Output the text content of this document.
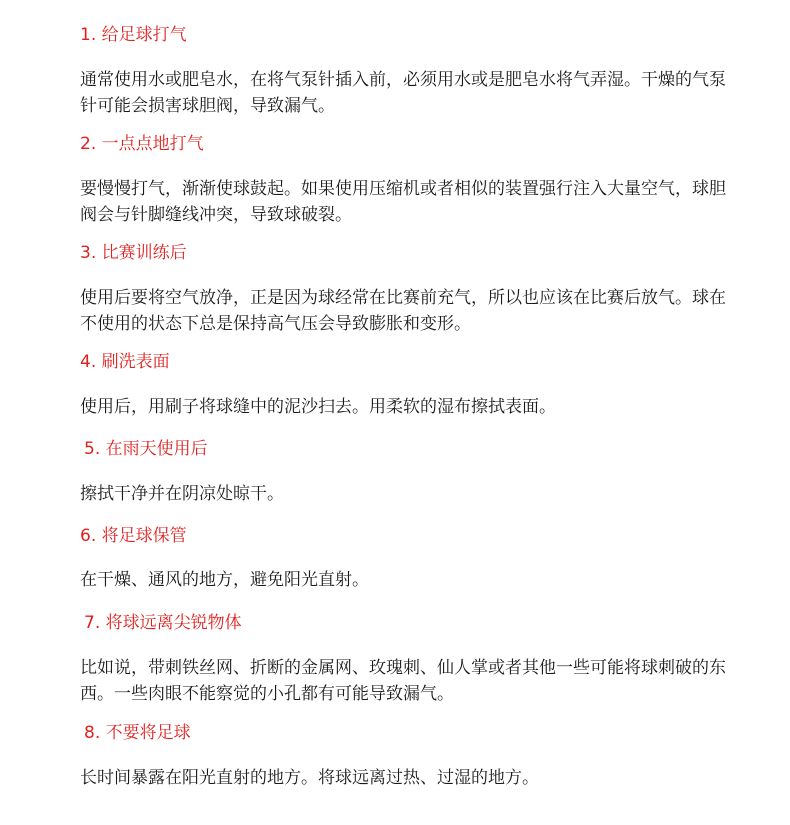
1. 给足球打气
通常使用水或肥皂水，在将气泵针插入前，必须用水或是肥皂水将气弄湿。干燥的气泵针可能会损害球胆阀，导致漏气。
2. 一点点地打气
要慢慢打气，渐渐使球鼓起。如果使用压缩机或者相似的装置强行注入大量空气，球胆阀会与针脚缝线冲突，导致球破裂。
3. 比赛训练后
使用后要将空气放净，正是因为球经常在比赛前充气，所以也应该在比赛后放气。球在不使用的状态下总是保持高气压会导致膨胀和变形。
4. 刷洗表面
使用后，用刷子将球缝中的泥沙扫去。用柔软的湿布擦拭表面。
5. 在雨天使用后
擦拭干净并在阴凉处晾干。
6. 将足球保管
在干燥、通风的地方，避免阳光直射。
7. 将球远离尖锐物体
比如说，带刺铁丝网、折断的金属网、玫瑰刺、仙人掌或者其他一些可能将球刺破的东西。一些肉眼不能察觉的小孔都有可能导致漏气。
8. 不要将足球
长时间暴露在阳光直射的地方。将球远离过热、过湿的地方。
